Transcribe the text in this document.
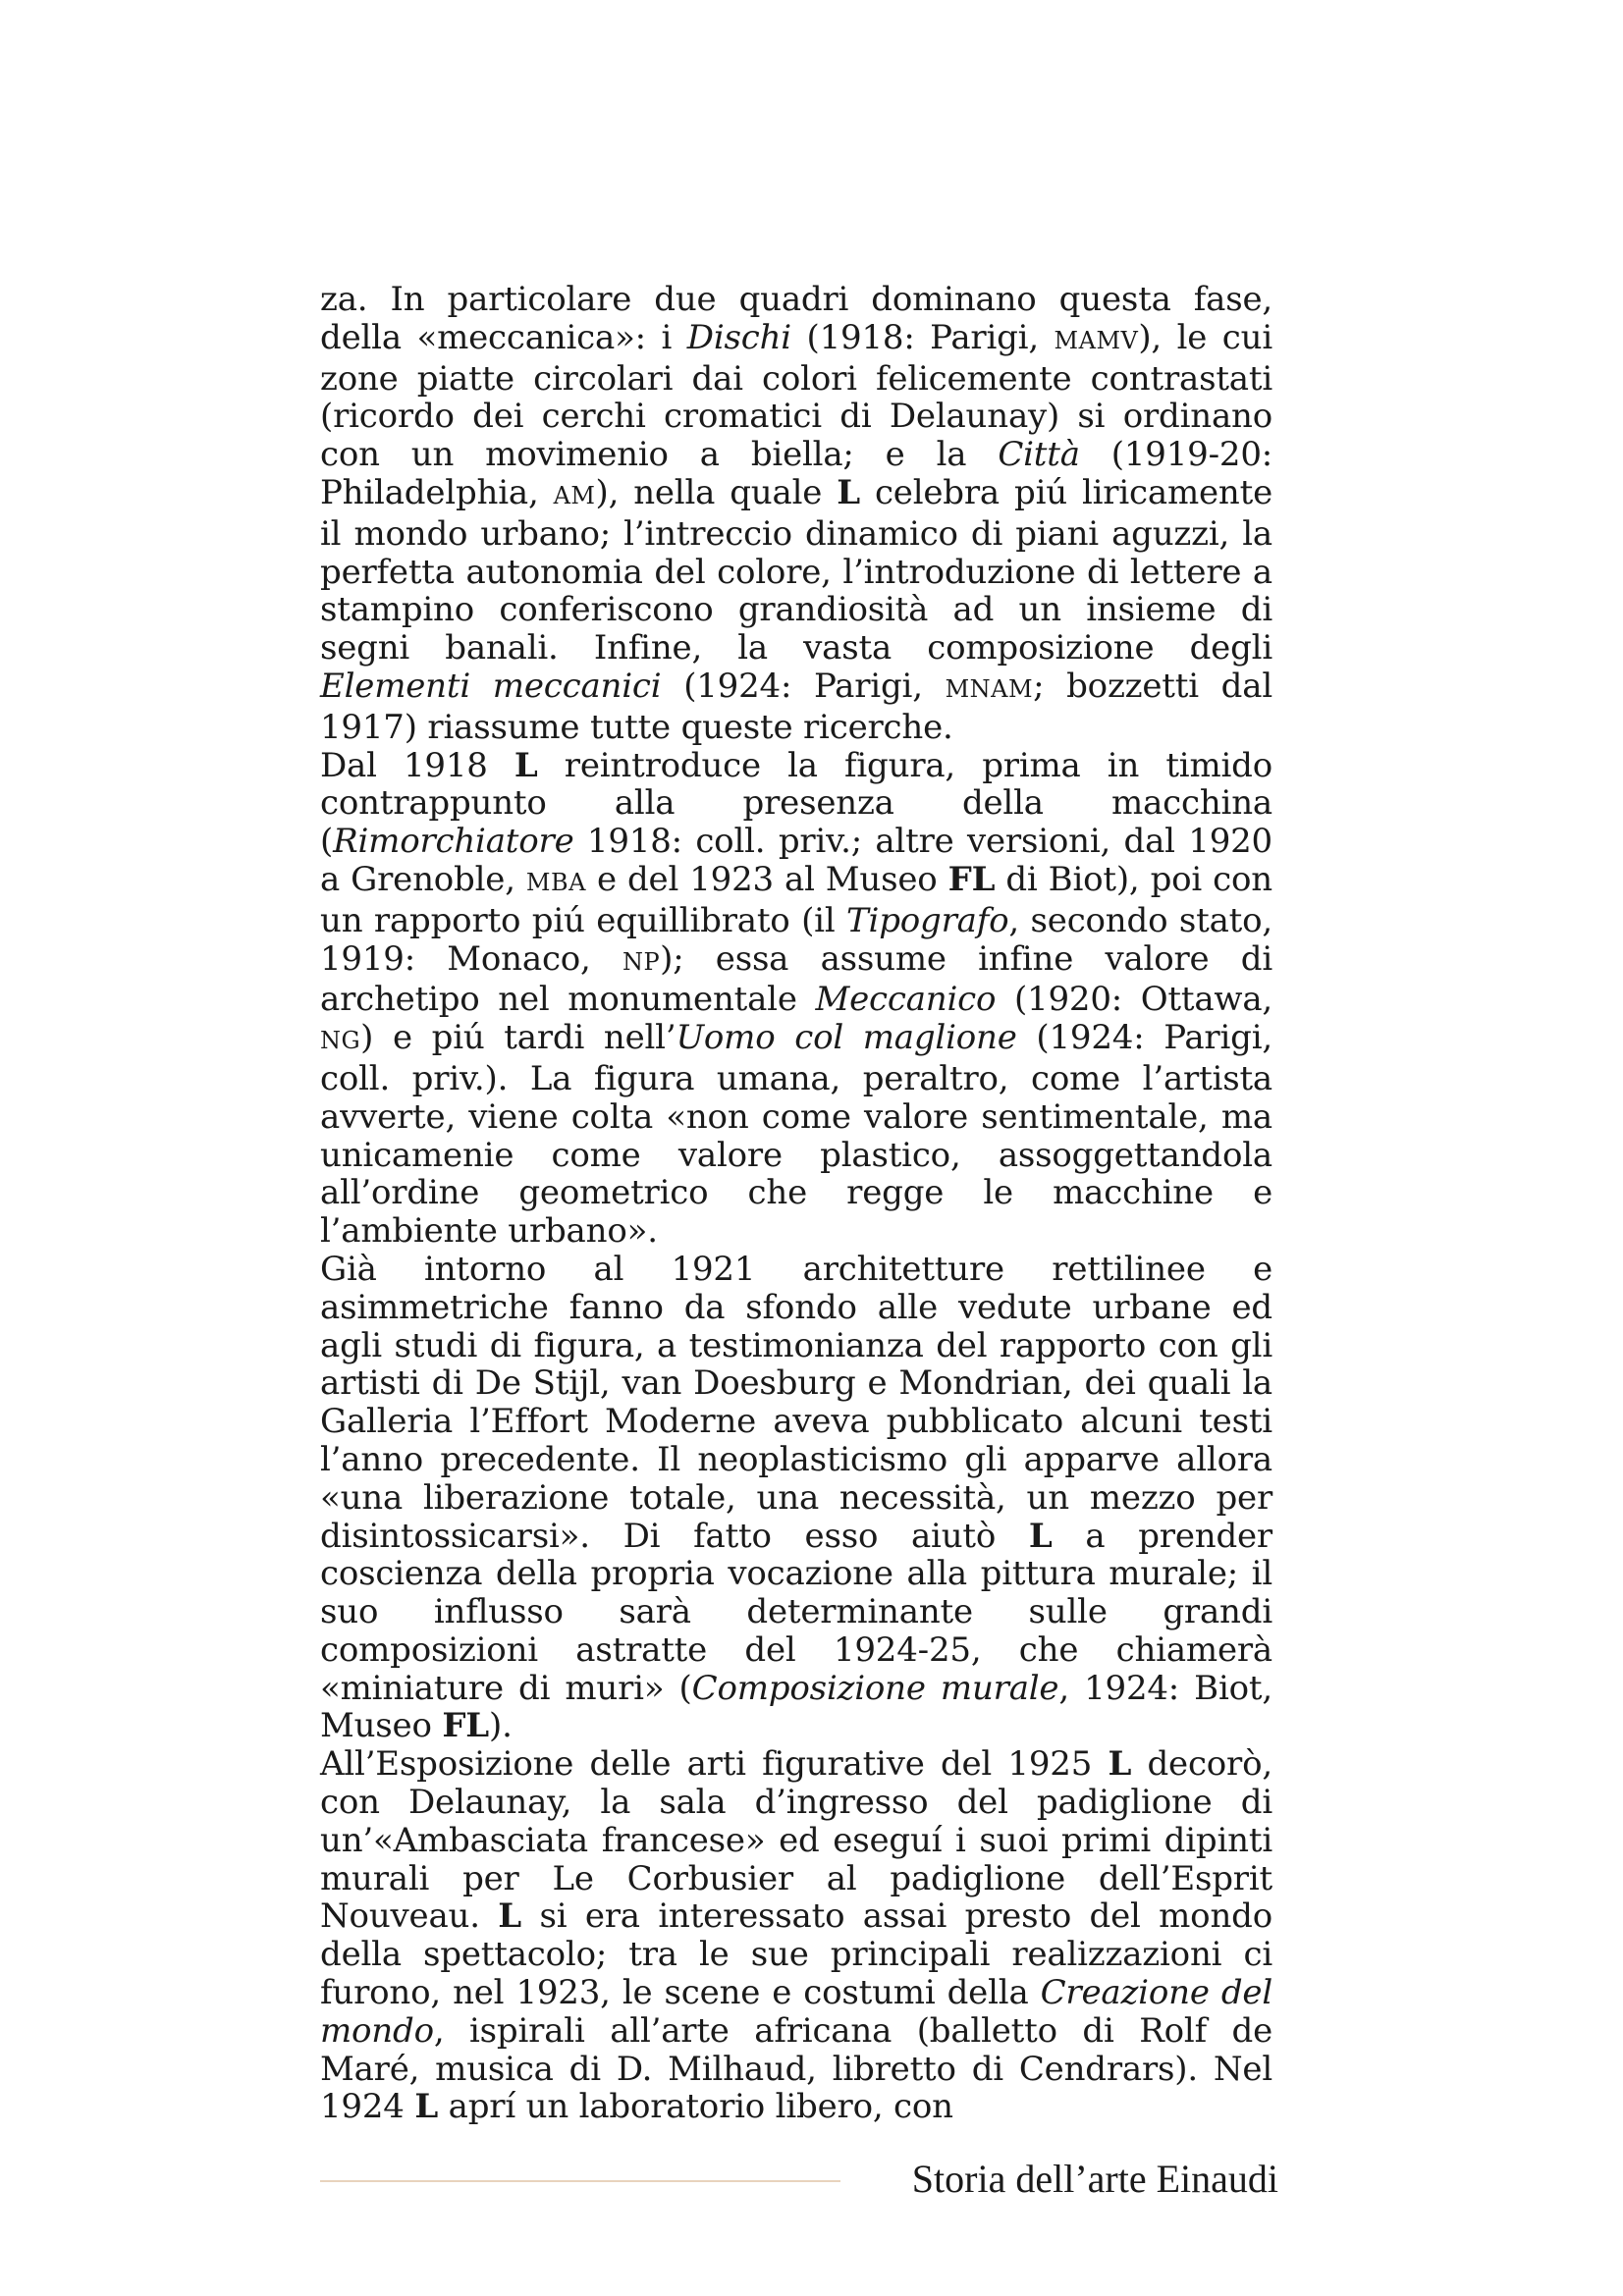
za. In particolare due quadri dominano questa fase, della «meccanica»: i Dischi (1918: Parigi, MAMV), le cui zone piatte circolari dai colori felicemente contrastati (ricordo dei cerchi cromatici di Delaunay) si ordinano con un movimenio a biella; e la Città (1919-20: Philadelphia, AM), nella quale L celebra piú liricamente il mondo urbano; l’intreccio dinamico di piani aguzzi, la perfetta autonomia del colore, l’introduzione di lettere a stampino conferiscono grandiosità ad un insieme di segni banali. Infine, la vasta composizione degli Elementi meccanici (1924: Parigi, MNAM; bozzetti dal 1917) riassume tutte queste ricerche.

Dal 1918 L reintroduce la figura, prima in timido contrappunto alla presenza della macchina (Rimorchiatore 1918: coll. priv.; altre versioni, dal 1920 a Grenoble, MBA e del 1923 al Museo FL di Biot), poi con un rapporto piú equillibrato (il Tipografo, secondo stato, 1919: Monaco, NP); essa assume infine valore di archetipo nel monumentale Meccanico (1920: Ottawa, NG) e piú tardi nell’Uomo col maglione (1924: Parigi, coll. priv.). La figura umana, peraltro, come l’artista avverte, viene colta «non come valore sentimentale, ma unicamenie come valore plastico, assoggettandola all’ordine geometrico che regge le macchine e l’ambiente urbano».

Già intorno al 1921 architetture rettilinee e asimmetriche fanno da sfondo alle vedute urbane ed agli studi di figura, a testimonianza del rapporto con gli artisti di De Stijl, van Doesburg e Mondrian, dei quali la Galleria l’Effort Moderne aveva pubblicato alcuni testi l’anno precedente. Il neoplasticismo gli apparve allora «una liberazione totale, una necessità, un mezzo per disintossicarsi». Di fatto esso aiutò L a prender coscienza della propria vocazione alla pittura murale; il suo influsso sarà determinante sulle grandi composizioni astratte del 1924-25, che chiamerà «miniature di muri» (Composizione murale, 1924: Biot, Museo FL).

All’Esposizione delle arti figurative del 1925 L decorò, con Delaunay, la sala d’ingresso del padiglione di un’«Ambasciata francese» ed eseguí i suoi primi dipinti murali per Le Corbusier al padiglione dell’Esprit Nouveau. L si era interessato assai presto del mondo della spettacolo; tra le sue principali realizzazioni ci furono, nel 1923, le scene e costumi della Creazione del mondo, ispirali all’arte africana (balletto di Rolf de Maré, musica di D. Milhaud, libretto di Cendrars). Nel 1924 L aprí un laboratorio libero, con

Storia dell’arte Einaudi
